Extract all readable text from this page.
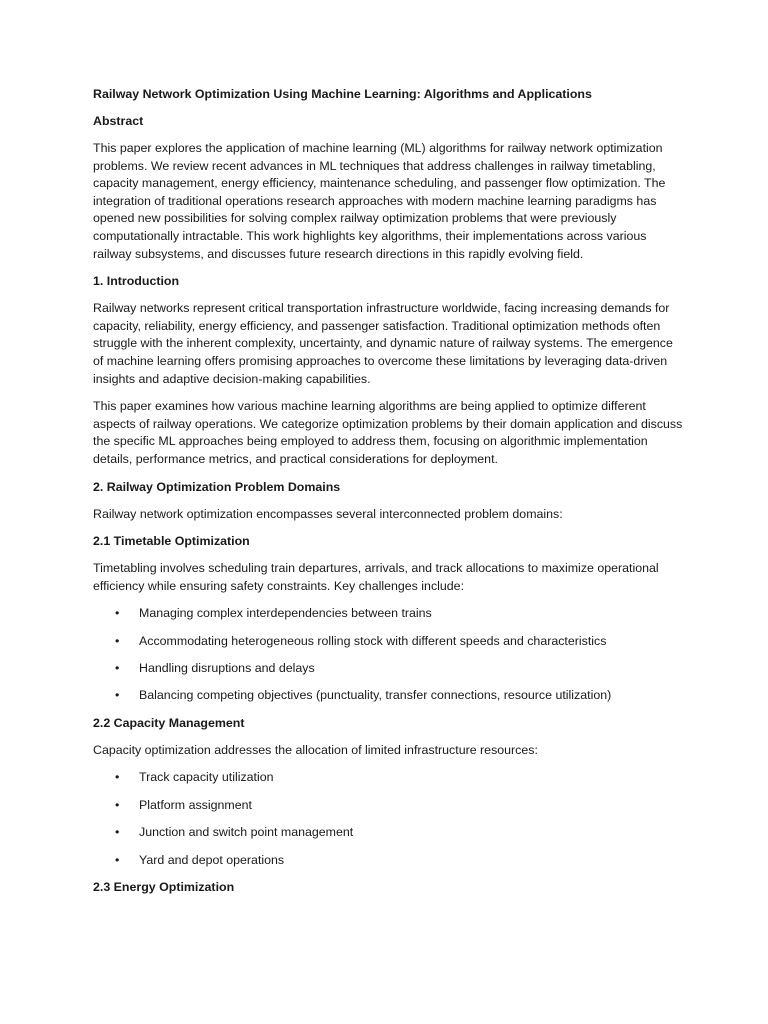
Railway Network Optimization Using Machine Learning: Algorithms and Applications
Abstract

This paper explores the application of machine learning (ML) algorithms for railway network optimization problems. We review recent advances in ML techniques that address challenges in railway timetabling, capacity management, energy efficiency, maintenance scheduling, and passenger flow optimization. The integration of traditional operations research approaches with modern machine learning paradigms has opened new possibilities for solving complex railway optimization problems that were previously computationally intractable. This work highlights key algorithms, their implementations across various railway subsystems, and discusses future research directions in this rapidly evolving field.

1. Introduction

Railway networks represent critical transportation infrastructure worldwide, facing increasing demands for capacity, reliability, energy efficiency, and passenger satisfaction. Traditional optimization methods often struggle with the inherent complexity, uncertainty, and dynamic nature of railway systems. The emergence of machine learning offers promising approaches to overcome these limitations by leveraging data-driven insights and adaptive decision-making capabilities.

This paper examines how various machine learning algorithms are being applied to optimize different aspects of railway operations. We categorize optimization problems by their domain application and discuss the specific ML approaches being employed to address them, focusing on algorithmic implementation details, performance metrics, and practical considerations for deployment.

2. Railway Optimization Problem Domains

Railway network optimization encompasses several interconnected problem domains:

2.1 Timetable Optimization

Timetabling involves scheduling train departures, arrivals, and track allocations to maximize operational efficiency while ensuring safety constraints. Key challenges include:

• Managing complex interdependencies between trains
• Accommodating heterogeneous rolling stock with different speeds and characteristics
• Handling disruptions and delays
• Balancing competing objectives (punctuality, transfer connections, resource utilization)
2.2 Capacity Management

Capacity optimization addresses the allocation of limited infrastructure resources:

• Track capacity utilization
• Platform assignment
• Junction and switch point management
• Yard and depot operations
2.3 Energy Optimization
